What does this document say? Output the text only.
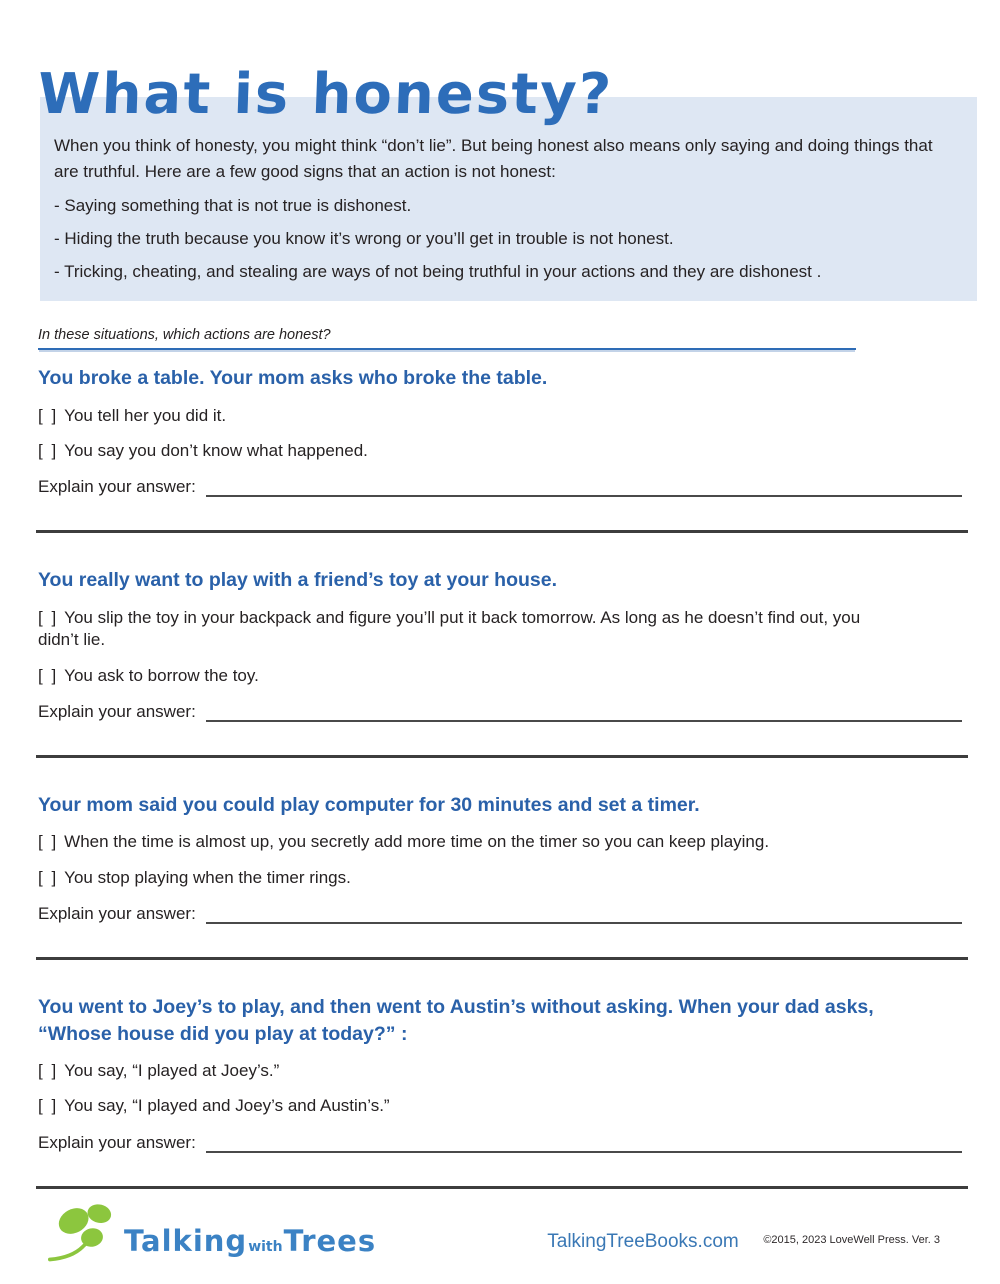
What is honesty?

When you think of honesty, you might think “don’t lie”. But being honest also means only saying and doing things that are truthful. Here are a few good signs that an action is not honest:

- Saying something that is not true is dishonest.
- Hiding the truth because you know it’s wrong or you’ll get in trouble is not honest.
- Tricking, cheating, and stealing are ways of not being truthful in your actions and they are dishonest .
In these situations, which actions are honest?
You broke a table. Your mom asks who broke the table.
[ ] You tell her you did it.
[ ] You say you don’t know what happened.
Explain your answer:
You really want to play with a friend’s toy at your house.
[ ] You slip the toy in your backpack and figure you’ll put it back tomorrow. As long as he doesn’t find out, you didn’t lie.
[ ] You ask to borrow the toy.
Explain your answer:
Your mom said you could play computer for 30 minutes and set a timer.
[ ] When the time is almost up, you secretly add more time on the timer so you can keep playing.
[ ] You stop playing when the timer rings.
Explain your answer:
You went to Joey’s to play, and then went to Austin’s without asking. When your dad asks, “Whose house did you play at today?” :
[ ] You say, “I played at Joey’s.”
[ ] You say, “I played and Joey’s and Austin’s.”
Explain your answer:
TalkingwithTrees	TalkingTreeBooks.com	©2015, 2023 LoveWell Press. Ver. 3
